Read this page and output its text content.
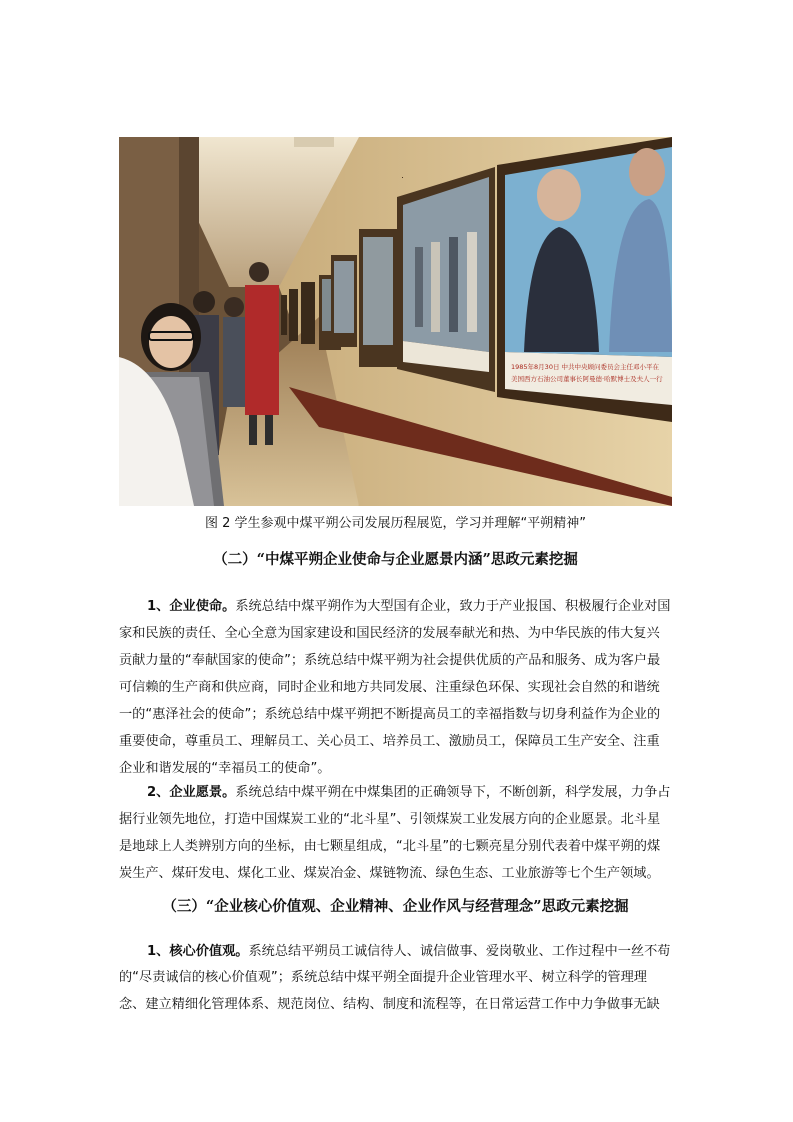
1985年8月30日 中共中央顾问委员会主任邓小平在
美国西方石油公司董事长阿曼德·哈默博士及夫人一行
图 2 学生参观中煤平朔公司发展历程展览，学习并理解“平朔精神”
（二）“中煤平朔企业使命与企业愿景内涵”思政元素挖掘
1、企业使命。系统总结中煤平朔作为大型国有企业，致力于产业报国、积极履行企业对国
家和民族的责任、全心全意为国家建设和国民经济的发展奉献光和热、为中华民族的伟大复兴
贡献力量的“奉献国家的使命”；系统总结中煤平朔为社会提供优质的产品和服务、成为客户最
可信赖的生产商和供应商，同时企业和地方共同发展、注重绿色环保、实现社会自然的和谐统
一的“惠泽社会的使命”；系统总结中煤平朔把不断提高员工的幸福指数与切身利益作为企业的
重要使命，尊重员工、理解员工、关心员工、培养员工、激励员工，保障员工生产安全、注重
企业和谐发展的“幸福员工的使命”。
2、企业愿景。系统总结中煤平朔在中煤集团的正确领导下，不断创新，科学发展，力争占
据行业领先地位，打造中国煤炭工业的“北斗星”、引领煤炭工业发展方向的企业愿景。北斗星
是地球上人类辨别方向的坐标，由七颗星组成，“北斗星”的七颗亮星分别代表着中煤平朔的煤
炭生产、煤矸发电、煤化工业、煤炭冶金、煤链物流、绿色生态、工业旅游等七个生产领域。
（三）“企业核心价值观、企业精神、企业作风与经营理念”思政元素挖掘
1、核心价值观。系统总结平朔员工诚信待人、诚信做事、爱岗敬业、工作过程中一丝不苟
的“尽责诚信的核心价值观”；系统总结中煤平朔全面提升企业管理水平、树立科学的管理理
念、建立精细化管理体系、规范岗位、结构、制度和流程等，在日常运营工作中力争做事无缺
